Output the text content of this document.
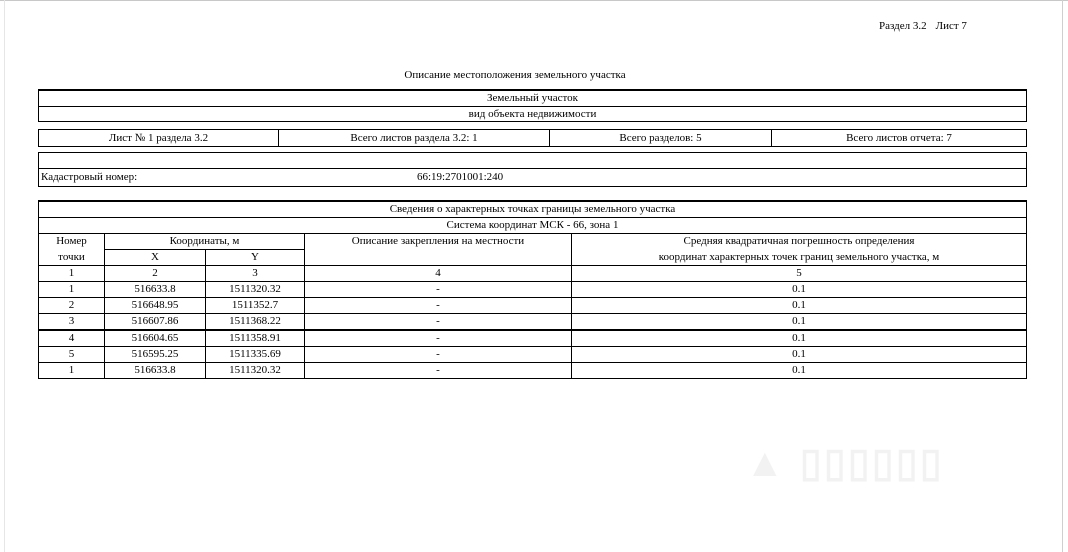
Раздел 3.2 Лист 7
Описание местоположения земельного участка
Земельный участок
вид объекта недвижимости
Лист № 1 раздела 3.2	Всего листов раздела 3.2: 1	Всего разделов: 5	Всего листов отчета: 7
Кадастровый номер:	66:19:2701001:240
Сведения о характерных точках границы земельного участка				
Система координат МСК - 66, зона 1				
Номер	Координаты, м		Описание закрепления на местности	Средняя квадратичная погрешность определения
точки	X	Y		координат характерных точек границ земельного участка, м
1	2	3	4	5
1	516633.8	1511320.32	-	0.1
2	516648.95	1511352.7	-	0.1
3	516607.86	1511368.22	-	0.1
4	516604.65	1511358.91	-	0.1
5	516595.25	1511335.69	-	0.1
1	516633.8	1511320.32	-	0.1
▲ ▯▯▯▯▯▯
